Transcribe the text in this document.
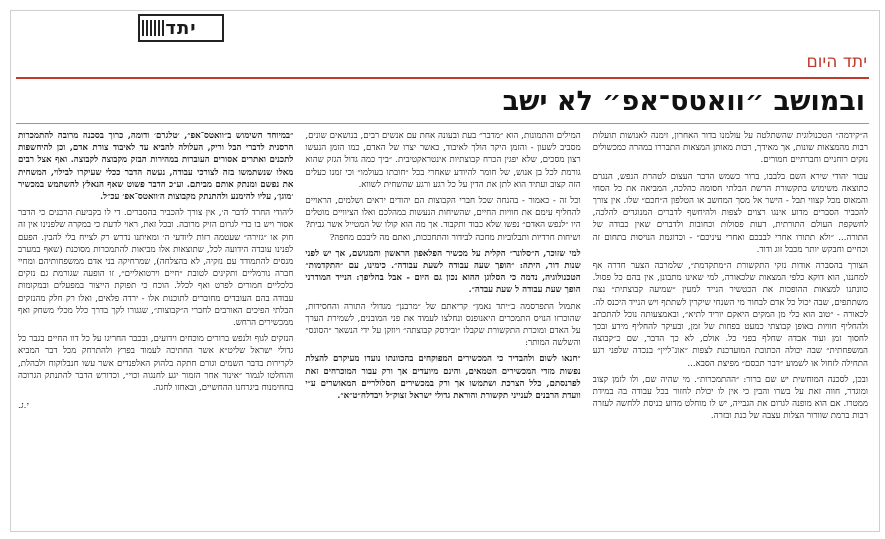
יתד
יתד היום
ובמושב ״וואטס־אפ״ לא ישב

ה״קידמה״ הטכנולוגית שהשתלטה על עולמנו בדור האחרון, זימנה לאנושות תועלות רבות מהמצאות שונות, אך מאידך, רבות מאותן המצאות התבררו במהרה כמכשולים נזקים רוחניים וחברתיים חמורים.

עבור יהודי שירא השם בלבבו, ברור כשמש הדבר העצום לטהרת הנפש, הנגרם כתוצאה משימוש בתקשורת הרשת הבלתי חסומה כהלכה, המביאה את כל הסחי והמאוס מכל קצווי תבל - הישר אל מסך המחשב או הטלפון ה״חכם״ שלו. אין צורך להכביר הסברים מדוע אינגו רצוים לצפות ולהיחשף לדברים המנוגדים להלכה, לחשקפת העולם התורתית, דעות פסולות וכחובות ולדברים שאין כבודה של התורה... ״ולא תתורו אחרי לבבכם ואחרי עיניכם״ - וכדוגמת הנויסות בתחום זה וכחיים וחבקש יותר מכבל זוג ודוד.

הצורך בהסברה אודות נזקי התקשורת ה״מתקדמת״, שלמרבה הצער חדרה אף למחננו, הוא דוקא כלפי המצאות שלכאורה, למי שאינו מתבונן, אין בהם כל פסול. כוונתנו למצאות ההופכות את הכטשיר הנייד למעין ״שמיעה קבוצתית״ נצת משתתפים, שבה יכול כל אדם לבחור מי השנחי שיקרין לשתתף ויש הנייד היכנס לה. לכאורה - ״טוב הוא כלי מן המקים היאקם יוריד לתיא״, ובאמצעותה נוכל להתכתב ולהחליף חוויות באופן קבוצתי כמעט בפחות של זמן, ובעיקר להחליף מידע ובכך לחסוך זמן ועוד אבדה שחלף בפני כל. אולם, לא כך הדבר, שם כ״קבוצה המשפחתית״ שבה יכולה הכתובת המועדכנת לצפות ״אונ־ליין״ בנכדה שלפני רגע התחילה לזחול או לשמוע ״דבר תכסם״ מפיצת הסבא...

ובכן, לסכנה המוחשית יש שם ברור: ״ההתמכרות״. מי שהיה שם, ולו לזמן קצוב ומוגדר, חווה זאת על בשרו והבין כי אין לו יכולת לחזור בכל עבודה בה במידת ממטרו. אם הוא מופנה לגרום את הגבייה, יש לו מוחלט מדוע כניסת ללחשה לעזרה רבות ברמת שוורור הצלות עצבה של כנת ובזרה.

המילים והתמונות, הוא ״מדבר״ בעת ובעונה אחת עם אנשים רבים, בנושאים שונים, מסביב לשעון - והזמן היקר הולך לאיבוד, כאשר יצרו של האדם, כמו הזמן הנעשו רצון מסכים, שלא יפגין הכרח קבוצתיות אינטראקטיבית. ״ביך כמה גדול הגזק שהוא גורמת לכל בן אנוש, של חומר להיודע שאחרי בכל ״חובתו בעולמו״ וכי זמנו כעלים הזה קצוב ועתיד הוא לתן את הדין על כל רגע ורגע שהשחית לשווא.

וכל זה - כאמור - בהנחה שכל חברי הקבוצות הם יהודים יראים ושלמים, הראויים להחליף עימם את חוויות החיים, שהשיחות הנעשות במהלכם ואלו הציוויים מוטלים היו ״לנפש האדם״ נפשו שלא כבוד ותקבוד. אך מה הוא קולו של המטייל אשר גבית? ושיחות חרדיות ותבלוביות מחכה לבידור והתחככות, ואתם מה ליבכם מחפה?

למי שזוכר, ה״סלונר״ הקלית על מכשיר הפלאפון הראשון והמגושם, אך יש לפני שנות דור, היתה: ״הופך שעה עבודה לשעת עבודה״. כימינו, עם ״התקדמות״ הטכנולוגיה, נדמה כי הסלוגן ההוא נכון גם היום - אבל בהליפך: הנייד המודרני הופך שעת עבודה ל שעת עבדה״.

אתמול התפרסמה ב״יתד נאמן״ קריאתם של ״מרבנן״ מגדולי התורה והחסידות, שהוכרזו הנויס התמכרים היאנופנס ונחלצו לעמוד את פני המובנים, לשמירת הערך על האדם ומוכרת התקשורת שקבלו ״ובירסק קבוצתה״ ויוזקן על ידי הנשאר ״הסונס״ והשלשה המותר:

״חנאו לשום ולהבדיר כי המכשירים המפוקחים בהכוונתו נועדו מעיקרם להצלת נפשות מזדי המכשירים הטמאים, והינם מיועדים אך ורק עבור המוכרחים זאת לפרנסתם, כלל הצרכת ושתמשו אך ורק במכשירים הסלולריים המאושרים ע״י וועדת הרבנים לענייני תקשורת והוראת גדולי ישראל זצוק״ל ויבדלח״ט״א״.

״במיוחד השימוש ב״וואטס־אפ״, ׳טלגרם׳ ודומה, כרוך בסכנה מרובה להתמכרות הרסנית לדברי הבל וריק, העלולה להביא עד לאיבוד צורת אדם, וכן להיחשפות לתכנים ואתרים אסורים העוברות במהירות הבזק מקבוצה לקבוצה. ואף אצל רבים מאלו שנשתמשו בזה לצורכי עבודה, נעשה הדבר ככלי שעיקרו לבילוי, המשחית את נפשם ומנתק אותם מביתם. וע״כ הדבר פשוט שאף הנאלץ להשתמש במכשיר ׳מוגן׳, עליו להימנע ולהתנתק מקבוצות ה׳וואטס־אפ׳ עכ״ל.

ליהודי החרד לדבר ה׳, אין צורך להכביר בהסברים. די לו בקביעת הרבנים כי הדבר אסור ויש בו כדי לגרום הזיק מרובה. ובכל זאת, ראוי לדעת כי במקרה שלפנינו אין זה חוק או ״גזירה״ שעטמה רזוֹת ליודעי ה׳ ומאיתנו נדרש רק לצייח בלי להבין. הפעם לפנינו עובדה הידועה לכל, שתוצאות אלו מביאות להתמכרות מסוכנת (שאף במערב מנסים להתמודד עם נזקיה, לא בהצלחה), שמרחיקה בני אדם ממשפחותיהם ומחיי חברה נורמליים ותקינים לטובת ״חיים וירטואליים״, זו הופעה שגורמת גם נזקים כלכליים חמורים לפרט ואף לכלל. הוכח כי תפוקת הייצור במפעלים ובמקומות עבודה בהם העובדים מחוברים לתוכנות אלו - ירדה פלאים, ואלו רק חלק מהנזקים הבלתי הפיכים האורבים לחברי ה״קבוצות״, שגגורו לקך בדרך כלל מכלי משחק ואף ממכשירים הרחש.

הנזקים לגוף ולנפש ברורים מוכחים וידועים, ובכבר החריגו על כל דוו החיים בגבר כל גדולי ישראל שליט״א אשר החתיכה לעמוד בפרץ ולהתרחק מכל דבר המביא לקרירות בדבר השמים וגורם חתקה בלהוק האלפנדים אשר עשו חנבלוקוח ולבהלת, והוחלטו לגמור ״אינור אחר הזמור יגע לחנגוה וכוי״, וכדורש הדבר להתנתק הגרוכה בחחימנוח ביגרחנו ההחשיים, ובאחזו לחגה.

י.ג.
